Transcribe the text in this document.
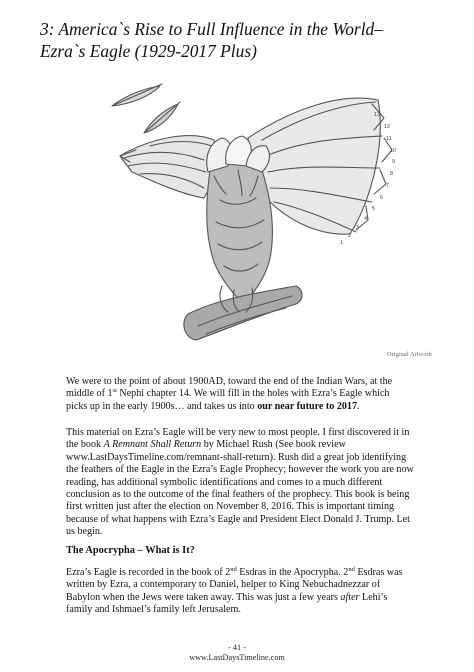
3: America`s Rise to Full Influence in the World–
Ezra`s Eagle (1929-2017 Plus)
13
12
11
10
9
8
7
6
5
4
3
2
1
Original Artwork
We were to the point of about 1900AD, toward the end of the Indian Wars, at the
middle of 1st Nephi chapter 14. We will fill in the holes with Ezra’s Eagle which
picks up in the early 1900s… and takes us into our near future to 2017.
This material on Ezra’s Eagle will be very new to most people. I first discovered it in
the book A Remnant Shall Return by Michael Rush (See book review
www.LastDaysTimeline.com/remnant-shall-return). Rush did a great job identifying
the feathers of the Eagle in the Ezra’s Eagle Prophecy; however the work you are now
reading, has additional symbolic identifications and comes to a much different
conclusion as to the outcome of the final feathers of the prophecy. This book is being
first written just after the election on November 8, 2016. This is important timing
because of what happens with Ezra’s Eagle and President Elect Donald J. Trump. Let
us begin.
The Apocrypha – What is It?
Ezra’s Eagle is recorded in the book of 2nd Esdras in the Apocrypha. 2nd Esdras was
written by Ezra, a contemporary to Daniel, helper to King Nebuchadnezzar of
Babylon when the Jews were taken away. This was just a few years after Lehi’s
family and Ishmael’s family left Jerusalem.
- 41 -
www.LastDaysTimeline.com
